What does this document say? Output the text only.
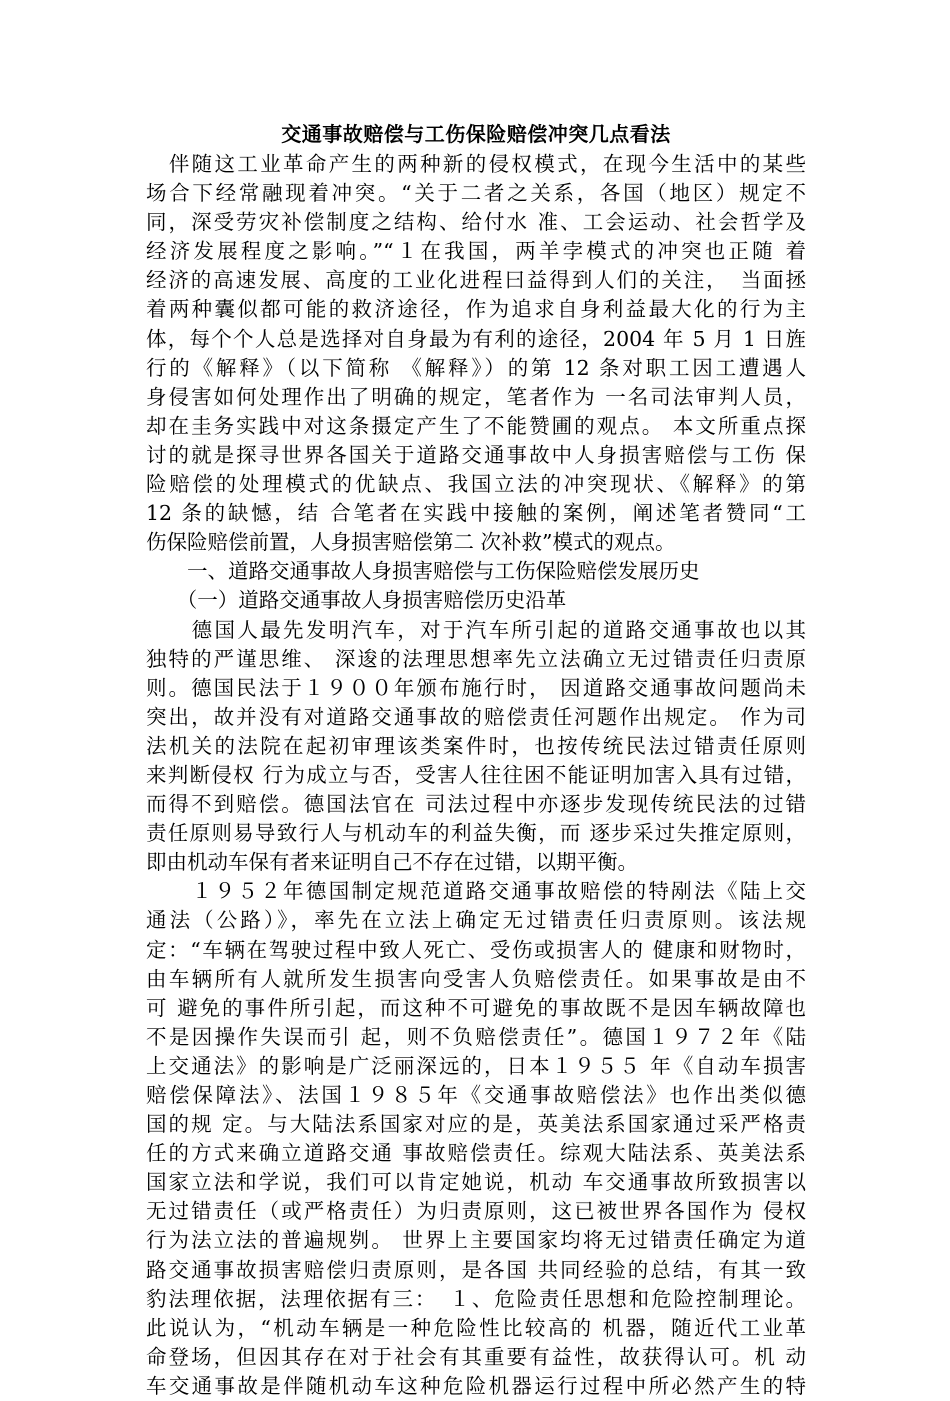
交通事故赔偿与工伤保险赔偿冲突几点看法
　伴随这工业革命产生的两种新的侵权模式，在现今生活中的某些
场合下经常融现着冲突。“关于二者之关系，各国（地区）规定不
同，深受劳灾补偿制度之结构、给付水 准、工会运动、社会哲学及
经济发展程度之影响。”“１在我国，两羊孛模式的冲突也正随 着
经济的高速发展、高度的工业化进程曰益得到人们的关注，　当面拯
着两种囊似都可能的救济途径，作为追求自身利益最大化的行为主
体，每个个人总是选择对自身最为有利的途径，2004 年 5 月 1 日旌
行的《解释》（以下简称 《解释》）的第 12 条对职工因工遭遇人
身侵害如何处理作出了明确的规定，笔者作为 一名司法审判人员，
却在圭务实践中对这条摄定产生了不能赞圃的观点。 本文所重点探
讨的就是探寻世界各国关于道路交通事故中人身损害赔偿与工伤 保
险赔偿的处理模式的优缺点、我国立法的冲突现状、《解释》的第
12 条的缺憾，结 合笔者在实践中接触的案例，阐述笔者赞同“工
伤保险赔偿前置，人身损害赔偿第二 次补救”模式的观点。
　　一、道路交通事故人身损害赔偿与工伤保险赔偿发展历史
　　（一）道路交通事故人身损害赔偿历史沿革
　　德国人最先发明汽车，对于汽车所引起的道路交通事故也以其
独特的严谨思维、 深逡的法理思想率先立法确立无过错责任归责原
则。德国民法于１９００年颁布施行时， 因道路交通事故问题尚未
突出，故并没有对道路交通事故的赔偿责任河题作出规定。 作为司
法机关的法院在起初审理该类案件时，也按传统民法过错责任原则
来判断侵权 行为成立与否，受害人往往困不能证明加害入具有过错，
而得不到赔偿。德国法官在 司法过程中亦逐步发现传统民法的过错
责任原则易导致行人与机动车的利益失衡，而 逐步采过失推定原则，
即由机动车保有者来证明自己不存在过错，以期平衡。
　　１９５２年德国制定规范道路交通事故赔偿的特剐法《陆上交
通法（公路）》，率先在立法上确定无过错责任归责原则。该法规
定：“车辆在驾驶过程中致人死亡、受伤或损害人的 健康和财物时，
由车辆所有人就所发生损害向受害人负赔偿责任。如果事故是由不
可 避免的事件所引起，而这种不可避免的事故既不是因车辆故障也
不是因操作失误而引 起，则不负赔偿责任”。德国１９７２年《陆
上交通法》的影响是广泛丽深远的，日本１９５５ 年《自动车损害
赔偿保障法》、法国１９８５年《交通事故赔偿法》也作出类似德
国的规 定。与大陆法系国家对应的是，英美法系国家通过采严格责
任的方式来确立道路交通 事故赔偿责任。综观大陆法系、英美法系
国家立法和学说，我们可以肯定她说，机动 车交通事故所致损害以
无过错责任（或严格责任）为归责原则，这已被世界各国作为 侵权
行为法立法的普遍规刿。 世界上主要国家均将无过错责任确定为道
路交通事故损害赔偿归责原则，是各国 共同经验的总结，有其一致
豹法理依据，法理依据有三：　１、危险责任思想和危险控制理论。
此说认为，“机动车辆是一种危险性比较高的 机器，随近代工业革
命登场，但因其存在对于社会有其重要有益性，故获得认可。机 动
车交通事故是伴随机动车这种危险机器运行过程中所必然产生的特
